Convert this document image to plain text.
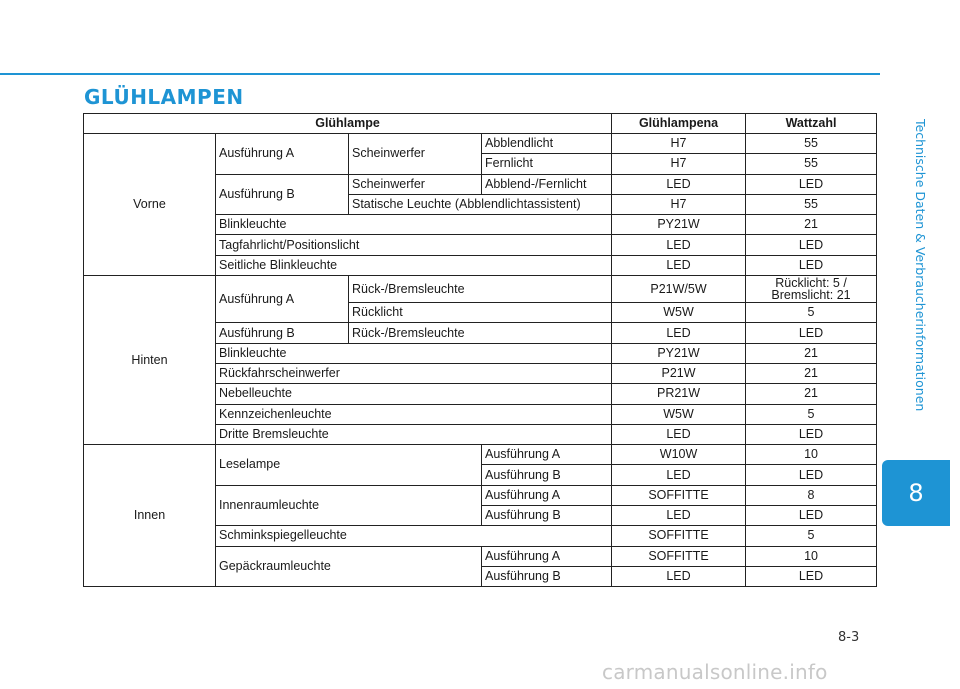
GLÜHLAMPEN
Technische Daten & Verbraucherinformationen
8
8-3
carmanualsonline.info
Glühlampe				Glühlampena	Wattzahl
Vorne	Ausführung A	Scheinwerfer	Abblendlicht	H7	55
			Fernlicht	H7	55
	Ausführung B	Scheinwerfer	Abblend-/Fernlicht	LED	LED
		Statische Leuchte (Abblendlichtassistent)		H7	55
	Blinkleuchte			PY21W	21
	Tagfahrlicht/Positionslicht			LED	LED
	Seitliche Blinkleuchte			LED	LED
Hinten	Ausführung A	Rück-/Bremsleuchte		P21W/5W	Rücklicht: 5 /
Bremslicht: 21

		Rücklicht		W5W	5
	Ausführung B	Rück-/Bremsleuchte		LED	LED
	Blinkleuchte			PY21W	21
	Rückfahrscheinwerfer			P21W	21
	Nebelleuchte			PR21W	21
	Kennzeichenleuchte			W5W	5
	Dritte Bremsleuchte			LED	LED
Innen	Leselampe		Ausführung A	W10W	10
			Ausführung B	LED	LED
	Innenraumleuchte		Ausführung A	SOFFITTE	8
			Ausführung B	LED	LED
	Schminkspiegelleuchte			SOFFITTE	5
	Gepäckraumleuchte		Ausführung A	SOFFITTE	10
			Ausführung B	LED	LED
